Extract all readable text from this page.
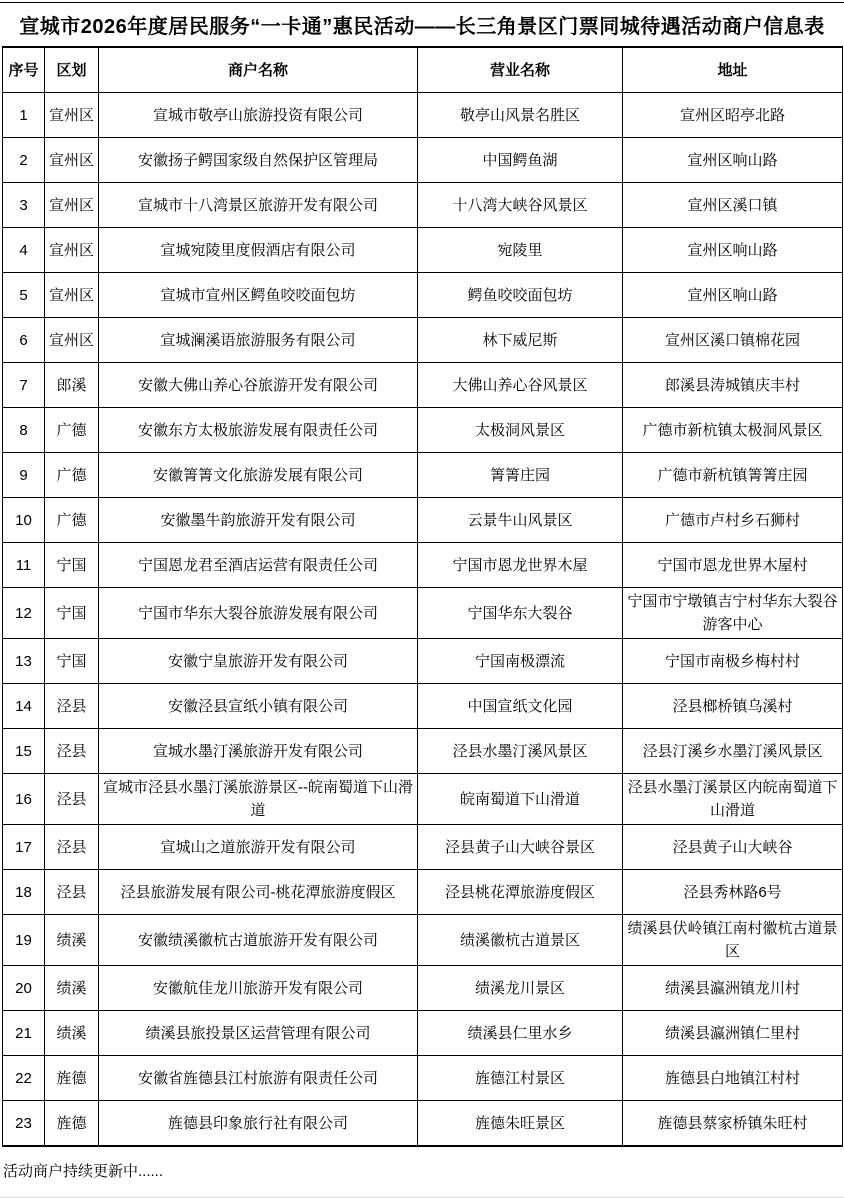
宣城市2026年度居民服务“一卡通”惠民活动——长三角景区门票同城待遇活动商户信息表
序号	区划	商户名称	营业名称	地址
1	宣州区	宣城市敬亭山旅游投资有限公司	敬亭山风景名胜区	宣州区昭亭北路
2	宣州区	安徽扬子鳄国家级自然保护区管理局	中国鳄鱼湖	宣州区响山路
3	宣州区	宣城市十八湾景区旅游开发有限公司	十八湾大峡谷风景区	宣州区溪口镇
4	宣州区	宣城宛陵里度假酒店有限公司	宛陵里	宣州区响山路
5	宣州区	宣城市宣州区鳄鱼咬咬面包坊	鳄鱼咬咬面包坊	宣州区响山路
6	宣州区	宣城澜溪语旅游服务有限公司	林下威尼斯	宣州区溪口镇棉花园
7	郎溪	安徽大佛山养心谷旅游开发有限公司	大佛山养心谷风景区	郎溪县涛城镇庆丰村
8	广德	安徽东方太极旅游发展有限责任公司	太极洞风景区	广德市新杭镇太极洞风景区
9	广德	安徽箐箐文化旅游发展有限公司	箐箐庄园	广德市新杭镇箐箐庄园
10	广德	安徽墨牛韵旅游开发有限公司	云景牛山风景区	广德市卢村乡石狮村
11	宁国	宁国恩龙君至酒店运营有限责任公司	宁国市恩龙世界木屋	宁国市恩龙世界木屋村
12	宁国	宁国市华东大裂谷旅游发展有限公司	宁国华东大裂谷	宁国市宁墩镇吉宁村华东大裂谷游客中心
13	宁国	安徽宁皇旅游开发有限公司	宁国南极漂流	宁国市南极乡梅村村
14	泾县	安徽泾县宣纸小镇有限公司	中国宣纸文化园	泾县榔桥镇乌溪村
15	泾县	宣城水墨汀溪旅游开发有限公司	泾县水墨汀溪风景区	泾县汀溪乡水墨汀溪风景区
16	泾县	宣城市泾县水墨汀溪旅游景区--皖南蜀道下山滑道	皖南蜀道下山滑道	泾县水墨汀溪景区内皖南蜀道下山滑道
17	泾县	宣城山之道旅游开发有限公司	泾县黄子山大峡谷景区	泾县黄子山大峡谷
18	泾县	泾县旅游发展有限公司-桃花潭旅游度假区	泾县桃花潭旅游度假区	泾县秀林路6号
19	绩溪	安徽绩溪徽杭古道旅游开发有限公司	绩溪徽杭古道景区	绩溪县伏岭镇江南村徽杭古道景区
20	绩溪	安徽航佳龙川旅游开发有限公司	绩溪龙川景区	绩溪县瀛洲镇龙川村
21	绩溪	绩溪县旅投景区运营管理有限公司	绩溪县仁里水乡	绩溪县瀛洲镇仁里村
22	旌德	安徽省旌德县江村旅游有限责任公司	旌德江村景区	旌德县白地镇江村村
23	旌德	旌德县印象旅行社有限公司	旌德朱旺景区	旌德县蔡家桥镇朱旺村
活动商户持续更新中......
